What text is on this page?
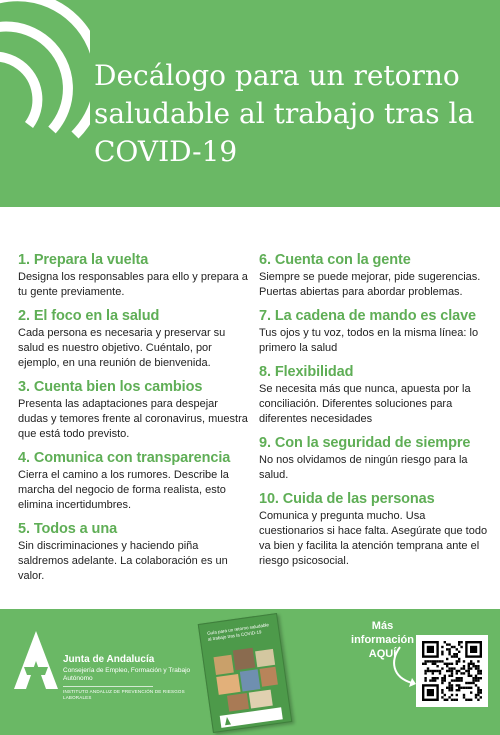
Decálogo para un retorno saludable al trabajo tras la COVID-19

1. Prepara la vuelta

Designa los responsables para ello y prepara a tu gente previamente.

2. El foco en la salud

Cada persona es necesaria y preservar su salud es nuestro objetivo. Cuéntalo, por ejemplo, en una reunión de bienvenida.

3. Cuenta bien los cambios

Presenta las adaptaciones para despejar dudas y temores frente al coronavirus, muestra que está todo previsto.

4. Comunica con transparencia

Cierra el camino a los rumores. Describe la marcha del negocio de forma realista, esto elimina incertidumbres.

5. Todos a una

Sin discriminaciones y haciendo piña saldremos adelante. La colaboración es un valor.

6. Cuenta con la gente

Siempre se puede mejorar, pide sugerencias. Puertas abiertas para abordar problemas.

7. La cadena de mando es clave

Tus ojos y tu voz, todos en la misma línea: lo primero la salud

8. Flexibilidad

Se necesita más que nunca, apuesta por la conciliación. Diferentes soluciones para diferentes necesidades

9. Con la seguridad de siempre

No nos olvidamos de ningún riesgo para la salud.

10. Cuida de las personas

Comunica y pregunta mucho. Usa cuestionarios si hace falta. Asegúrate que todo va bien y facilita la atención temprana ante el riesgo psicosocial.

Junta de Andalucía
Consejería de Empleo, Formación y Trabajo Autónomo
INSTITUTO ANDALUZ DE PREVENCIÓN DE RIESGOS LABORALES
Guía para un retorno saludable al trabajo tras la COVID-19
Más información AQUÍ
